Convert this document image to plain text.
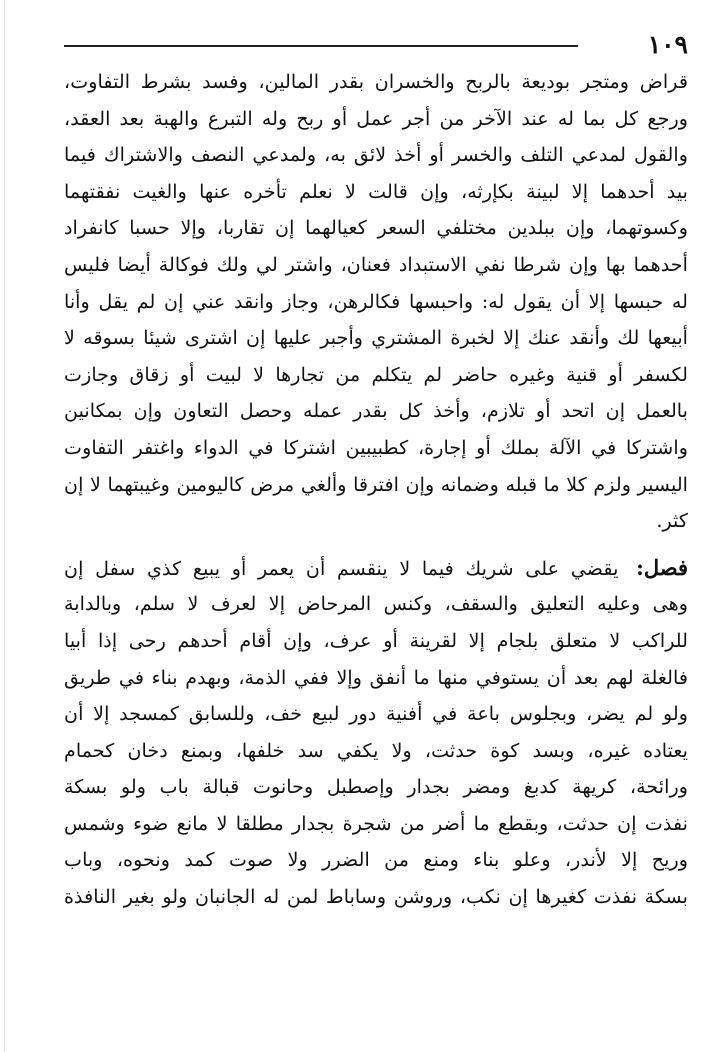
١٠٩
قراض ومتجر بوديعة بالربح والخسران بقدر المالين، وفسد بشرط التفاوت،
ورجع كل بما له عند الآخر من أجر عمل أو ربح وله التبرع والهبة بعد العقد،
والقول لمدعي التلف والخسر أو أخذ لائق به، ولمدعي النصف والاشتراك فيما
بيد أحدهما إلا لبينة بكإرثه، وإن قالت لا نعلم تأخره عنها والغيت نفقتهما
وكسوتهما، وإن ببلدين مختلفي السعر كعيالهما إن تقاربا، وإلا حسبا كانفراد
أحدهما بها وإن شرطا نفي الاستبداد فعنان، واشتر لي ولك فوكالة أيضا فليس
له حبسها إلا أن يقول له: واحبسها فكالرهن، وجاز وانقد عني إن لم يقل وأنا
أبيعها لك وأنقد عنك إلا لخبرة المشتري وأجبر عليها إن اشترى شيئا بسوقه لا
لكسفر أو قنية وغيره حاضر لم يتكلم من تجارها لا لبيت أو زقاق وجازت
بالعمل إن اتحد أو تلازم، وأخذ كل بقدر عمله وحصل التعاون وإن بمكانين
واشتركا في الآلة بملك أو إجارة، كطبيبين اشتركا في الدواء واغتفر التفاوت
اليسير ولزم كلا ما قبله وضمانه وإن افترقا وألغي مرض كاليومين وغيبتهما لا إن
كثر.
فصل: يقضي على شريك فيما لا ينقسم أن يعمر أو يبيع كذي سفل إن
وهى وعليه التعليق والسقف، وكنس المرحاض إلا لعرف لا سلم، وبالدابة
للراكب لا متعلق بلجام إلا لقرينة أو عرف، وإن أقام أحدهم رحى إذا أبيا
فالغلة لهم بعد أن يستوفي منها ما أنفق وإلا ففي الذمة، وبهدم بناء في طريق
ولو لم يضر، وبجلوس باعة في أفنية دور لبيع خف، وللسابق كمسجد إلا أن
يعتاده غيره، وبسد كوة حدثت، ولا يكفي سد خلفها، وبمنع دخان كحمام
ورائحة، كريهة كدبغ ومضر بجدار وإصطبل وحانوت قبالة باب ولو بسكة
نفذت إن حدثت، وبقطع ما أضر من شجرة بجدار مطلقا لا مانع ضوء وشمس
وريح إلا لأندر، وعلو بناء ومنع من الضرر ولا صوت كمد ونحوه، وباب
بسكة نفذت كغيرها إن نكب، وروشن وساباط لمن له الجانبان ولو بغير النافذة
